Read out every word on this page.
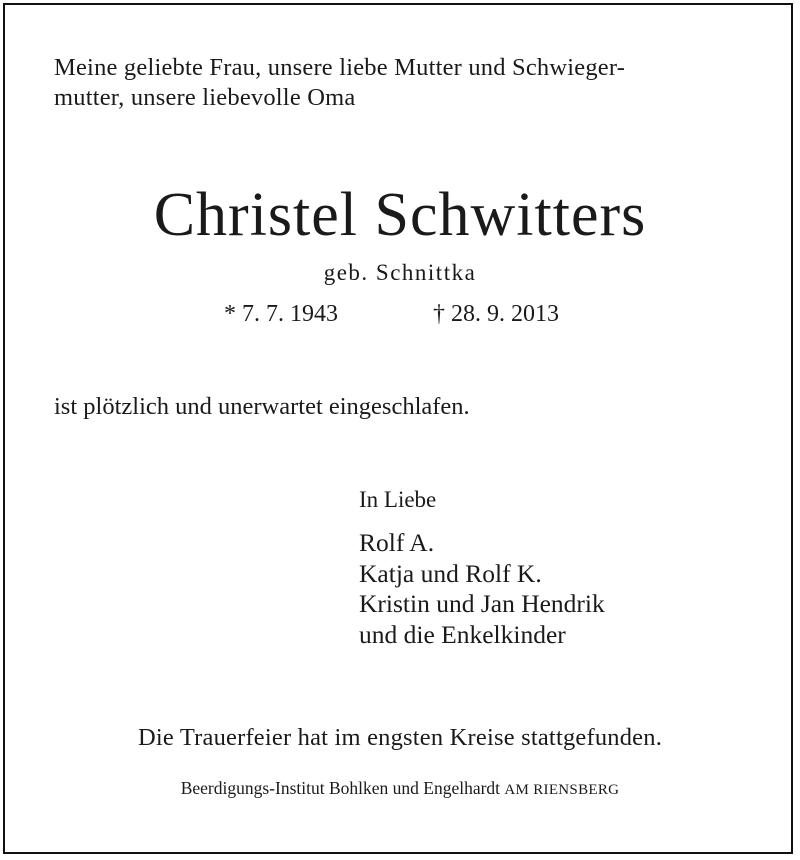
Meine geliebte Frau, unsere liebe Mutter und Schwieger-
mutter, unsere liebevolle Oma
Christel Schwitters
geb. Schnittka
* 7. 7. 1943	† 28. 9. 2013
ist plötzlich und unerwartet eingeschlafen.
In Liebe
Rolf A.
Katja und Rolf K.
Kristin und Jan Hendrik
und die Enkelkinder
Die Trauerfeier hat im engsten Kreise stattgefunden.
Beerdigungs-Institut Bohlken und Engelhardt AM RIENSBERG
